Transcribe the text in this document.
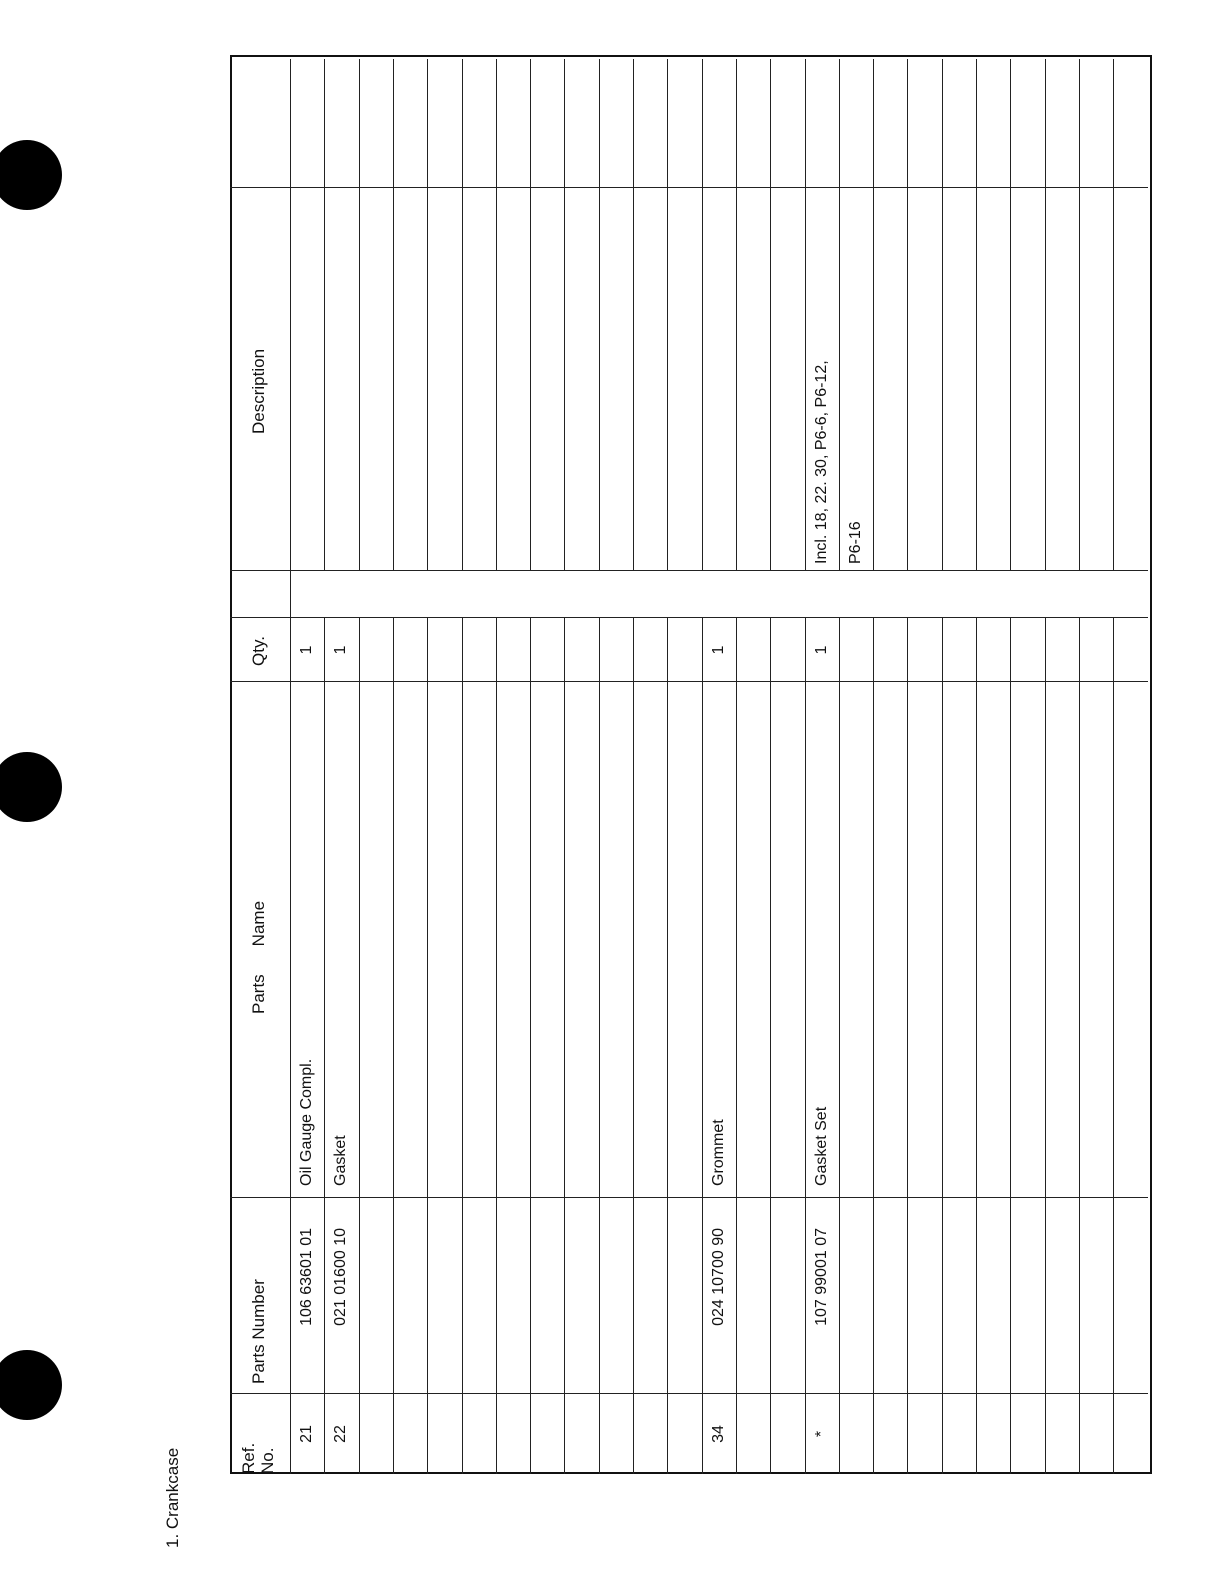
1. Crankcase	Ref. No.
Parts Number
Parts
Name
Qty.
Description
21
106 63601 01
Oil Gauge Compl.
1
22
021 01600 10
Gasket
1
34
024 10700 90
Grommet
1
*
107 99001 07
Gasket Set
1
Incl. 18, 22. 30, P6-6, P6-12,	P6-16
